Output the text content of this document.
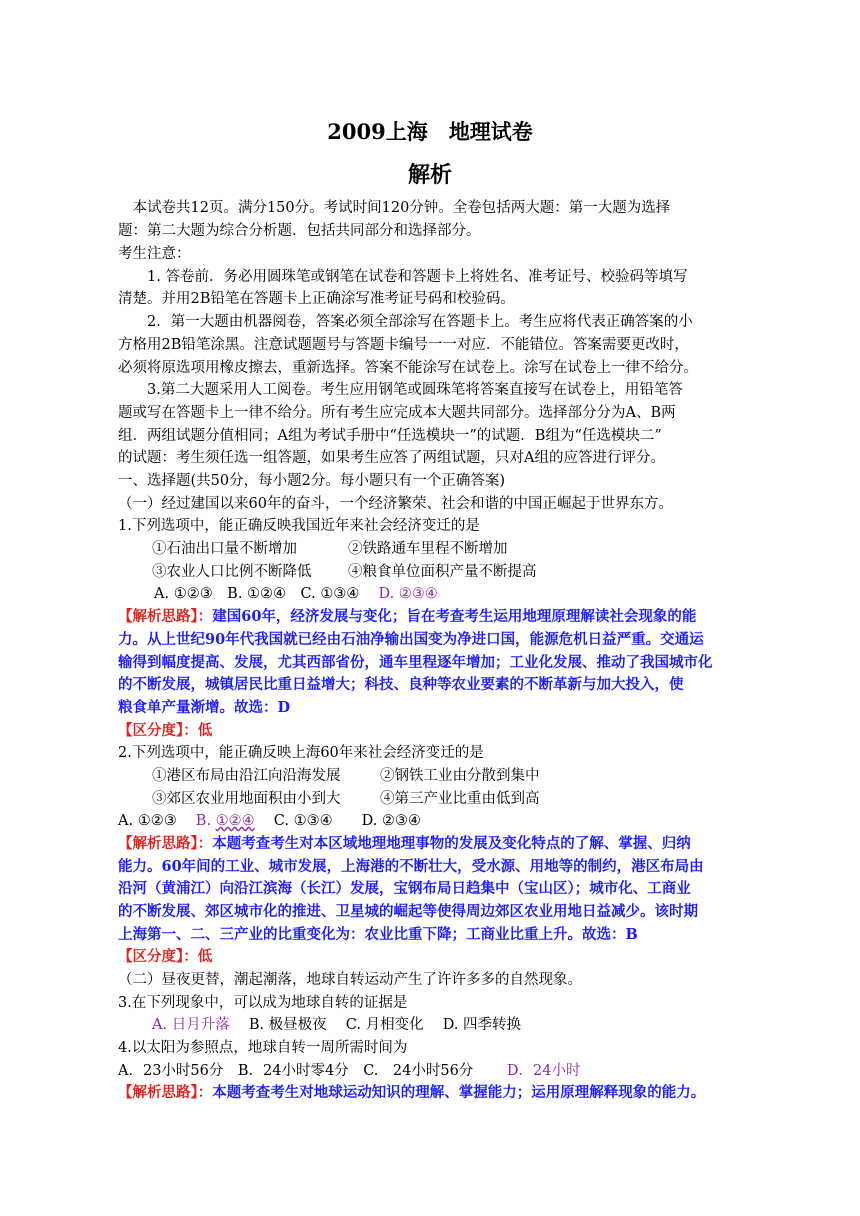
2009上海　地理试卷
解析
　本试卷共12页。满分150分。考试时间120分钟。全卷包括两大题：第一大题为选择
题：第二大题为综合分析题．包括共同部分和选择部分。
考生注意：
　　1. 答卷前．务必用圆珠笔或钢笔在试卷和答题卡上将姓名、准考证号、校验码等填写
清楚。并用2B铅笔在答题卡上正确涂写准考证号码和校验码。
　　2．第一大题由机器阅卷，答案必须全部涂写在答题卡上。考生应将代表正确答案的小
方格用2B铅笔涂黑。注意试题题号与答题卡编号一一对应．不能错位。答案需要更改时，
必须将原选项用橡皮擦去，重新选择。答案不能涂写在试卷上。涂写在试卷上一律不给分。
　　3.第二大题采用人工阅卷。考生应用钢笔或圆珠笔将答案直接写在试卷上，用铅笔答
题或写在答题卡上一律不给分。所有考生应完成本大题共同部分。选择部分分为A、B两
组．两组试题分值相同；A组为考试手册中“任选模块一”的试题．B组为“任选模块二”
的试题：考生须任选一组答题，如果考生应答了两组试题，只对A组的应答进行评分。
一、选择题(共50分，每小题2分。每小题只有一个正确答案)
（一）经过建国以来60年的奋斗，一个经济繁荣、社会和谐的中国正崛起于世界东方。
1.下列选项中，能正确反映我国近年来社会经济变迁的是
①石油出口量不断增加	②铁路通车里程不断增加
③农业人口比例不断降低	④粮食单位面积产量不断提高
A. ①②③　B. ①②④　C. ①③④　 D. ②③④
【解析思路】：建国60年，经济发展与变化；旨在考查考生运用地理原理解读社会现象的能
力。从上世纪90年代我国就已经由石油净输出国变为净进口国，能源危机日益严重。交通运
输得到幅度提高、发展，尤其西部省份，通车里程逐年增加；工业化发展、推动了我国城市化
的不断发展，城镇居民比重日益增大；科技、良种等农业要素的不断革新与加大投入，使
粮食单产量渐增。故选：D
【区分度】：低
2.下列选项中，能正确反映上海60年来社会经济变迁的是
①港区布局由沿江向沿海发展	②钢铁工业由分散到集中
③郊区农业用地面积由小到大	④第三产业比重由低到高
A. ①②③　 B. ①②④　 C. ①③④　　D. ②③④
【解析思路】：本题考查考生对本区域地理地理事物的发展及变化特点的了解、掌握、归纳
能力。60年间的工业、城市发展，上海港的不断壮大，受水源、用地等的制约，港区布局由
沿河（黄浦江）向沿江滨海（长江）发展，宝钢布局日趋集中（宝山区）；城市化、工商业
的不断发展、郊区城市化的推进、卫星城的崛起等使得周边郊区农业用地日益减少。该时期
上海第一、二、三产业的比重变化为：农业比重下降；工商业比重上升。故选：B
【区分度】：低
（二）昼夜更替，潮起潮落，地球自转运动产生了许许多多的自然现象。
3.在下列现象中，可以成为地球自转的证据是
A. 日月升落　 B. 极昼极夜　 C. 月相变化　 D. 四季转换
4.以太阳为参照点，地球自转一周所需时间为
A．23小时56分　B．24小时零4分　C.　24小时56分　　 D．24小时
【解析思路】：本题考查考生对地球运动知识的理解、掌握能力；运用原理解释现象的能力。
